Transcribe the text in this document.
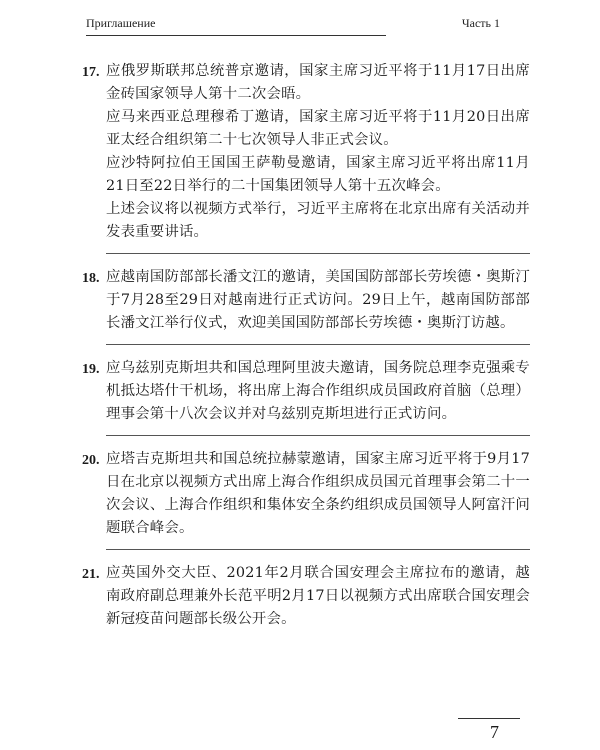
Приглашение	Часть 1
17. 应俄罗斯联邦总统普京邀请，国家主席习近平将于11月17日出席金砖国家领导人第十二次会晤。

应马来西亚总理穆希丁邀请，国家主席习近平将于11月20日出席亚太经合组织第二十七次领导人非正式会议。

应沙特阿拉伯王国国王萨勒曼邀请，国家主席习近平将出席11月21日至22日举行的二十国集团领导人第十五次峰会。

上述会议将以视频方式举行，习近平主席将在北京出席有关活动并发表重要讲话。

18. 应越南国防部部长潘文江的邀请，美国国防部部长劳埃德・奥斯汀于7月28至29日对越南进行正式访问。29日上午，越南国防部部长潘文江举行仪式，欢迎美国国防部部长劳埃德・奥斯汀访越。

19. 应乌兹别克斯坦共和国总理阿里波夫邀请，国务院总理李克强乘专机抵达塔什干机场，将出席上海合作组织成员国政府首脑（总理）理事会第十八次会议并对乌兹别克斯坦进行正式访问。

20. 应塔吉克斯坦共和国总统拉赫蒙邀请，国家主席习近平将于9月17日在北京以视频方式出席上海合作组织成员国元首理事会第二十一次会议、上海合作组织和集体安全条约组织成员国领导人阿富汗问题联合峰会。

21. 应英国外交大臣、2021年2月联合国安理会主席拉布的邀请，越南政府副总理兼外长范平明2月17日以视频方式出席联合国安理会新冠疫苗问题部长级公开会。

7
